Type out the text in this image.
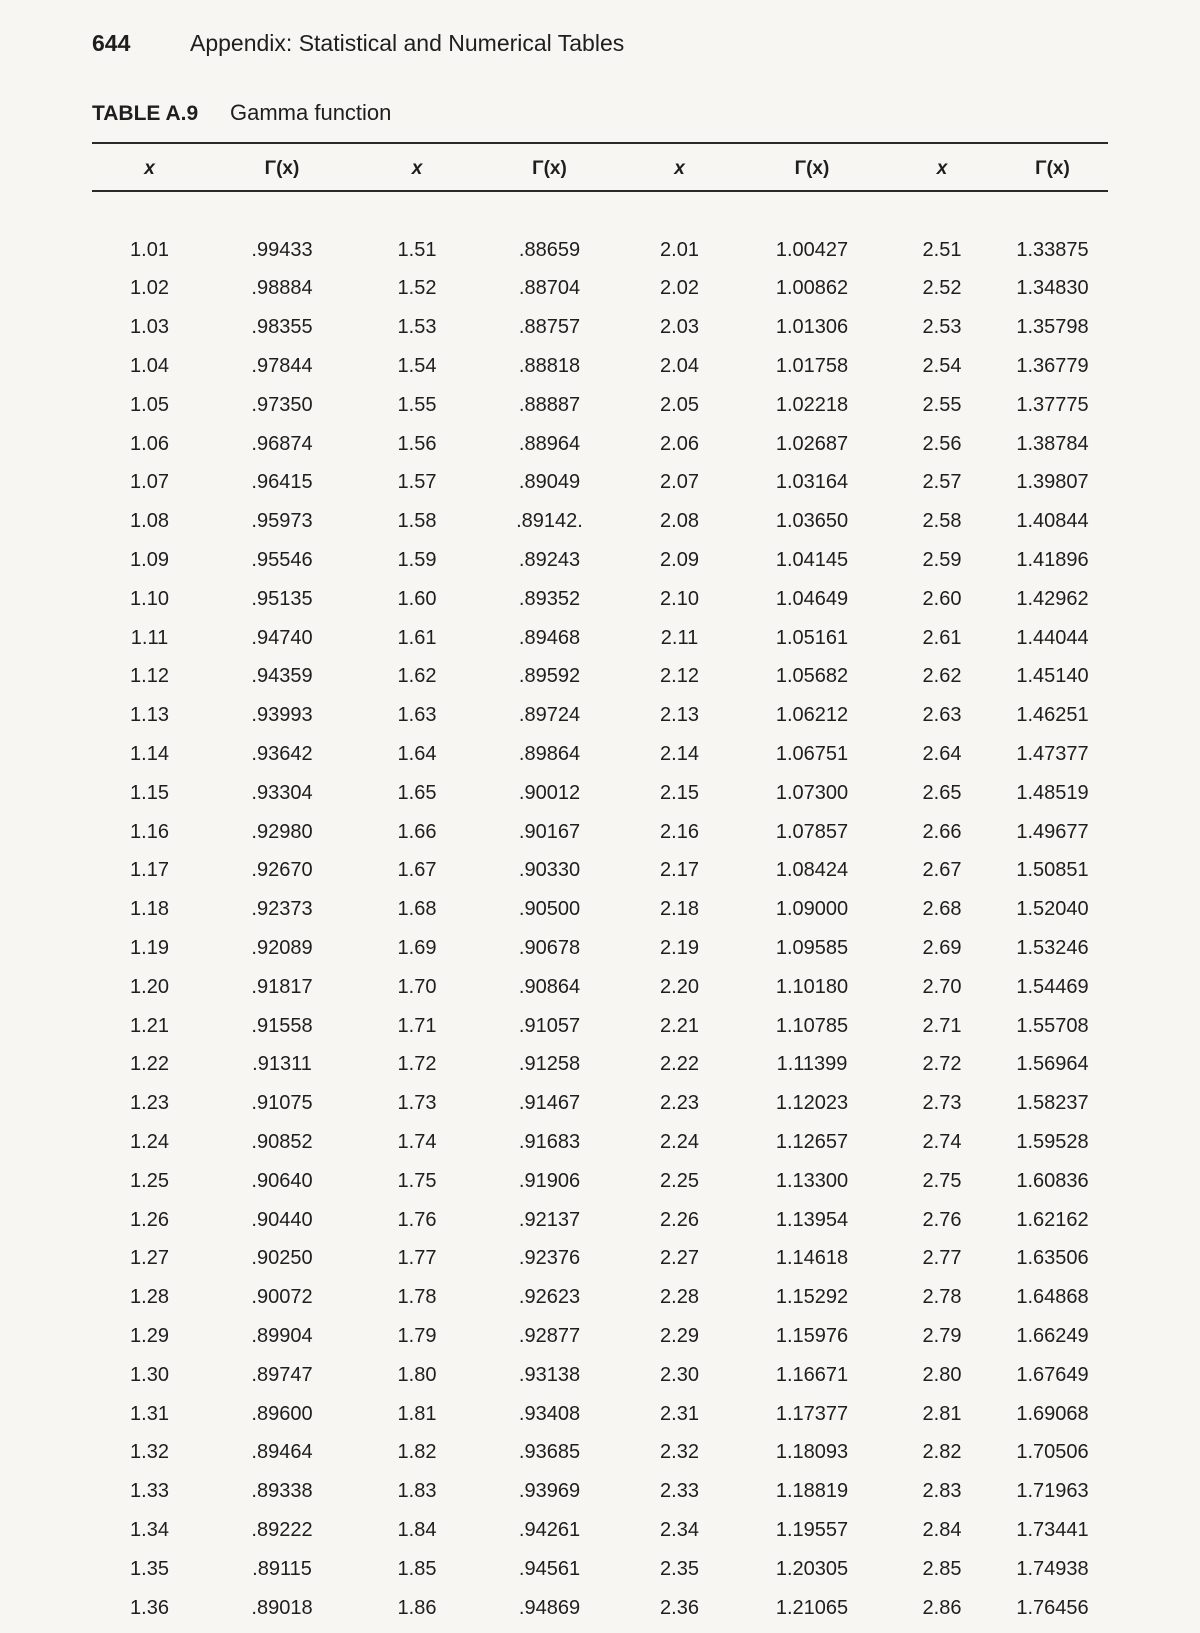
644	Appendix: Statistical and Numerical Tables
TABLE A.9	Gamma function
x	Γ(x)	x	Γ(x)	x	Γ(x)	x	Γ(x)

1.01	.99433	1.51	.88659	2.01	1.00427	2.51	1.33875
1.02	.98884	1.52	.88704	2.02	1.00862	2.52	1.34830
1.03	.98355	1.53	.88757	2.03	1.01306	2.53	1.35798
1.04	.97844	1.54	.88818	2.04	1.01758	2.54	1.36779
1.05	.97350	1.55	.88887	2.05	1.02218	2.55	1.37775
1.06	.96874	1.56	.88964	2.06	1.02687	2.56	1.38784
1.07	.96415	1.57	.89049	2.07	1.03164	2.57	1.39807
1.08	.95973	1.58	.89142.	2.08	1.03650	2.58	1.40844
1.09	.95546	1.59	.89243	2.09	1.04145	2.59	1.41896
1.10	.95135	1.60	.89352	2.10	1.04649	2.60	1.42962
1.11	.94740	1.61	.89468	2.11	1.05161	2.61	1.44044
1.12	.94359	1.62	.89592	2.12	1.05682	2.62	1.45140
1.13	.93993	1.63	.89724	2.13	1.06212	2.63	1.46251
1.14	.93642	1.64	.89864	2.14	1.06751	2.64	1.47377
1.15	.93304	1.65	.90012	2.15	1.07300	2.65	1.48519
1.16	.92980	1.66	.90167	2.16	1.07857	2.66	1.49677
1.17	.92670	1.67	.90330	2.17	1.08424	2.67	1.50851
1.18	.92373	1.68	.90500	2.18	1.09000	2.68	1.52040
1.19	.92089	1.69	.90678	2.19	1.09585	2.69	1.53246
1.20	.91817	1.70	.90864	2.20	1.10180	2.70	1.54469
1.21	.91558	1.71	.91057	2.21	1.10785	2.71	1.55708
1.22	.91311	1.72	.91258	2.22	1.11399	2.72	1.56964
1.23	.91075	1.73	.91467	2.23	1.12023	2.73	1.58237
1.24	.90852	1.74	.91683	2.24	1.12657	2.74	1.59528
1.25	.90640	1.75	.91906	2.25	1.13300	2.75	1.60836
1.26	.90440	1.76	.92137	2.26	1.13954	2.76	1.62162
1.27	.90250	1.77	.92376	2.27	1.14618	2.77	1.63506
1.28	.90072	1.78	.92623	2.28	1.15292	2.78	1.64868
1.29	.89904	1.79	.92877	2.29	1.15976	2.79	1.66249
1.30	.89747	1.80	.93138	2.30	1.16671	2.80	1.67649
1.31	.89600	1.81	.93408	2.31	1.17377	2.81	1.69068
1.32	.89464	1.82	.93685	2.32	1.18093	2.82	1.70506
1.33	.89338	1.83	.93969	2.33	1.18819	2.83	1.71963
1.34	.89222	1.84	.94261	2.34	1.19557	2.84	1.73441
1.35	.89115	1.85	.94561	2.35	1.20305	2.85	1.74938
1.36	.89018	1.86	.94869	2.36	1.21065	2.86	1.76456
